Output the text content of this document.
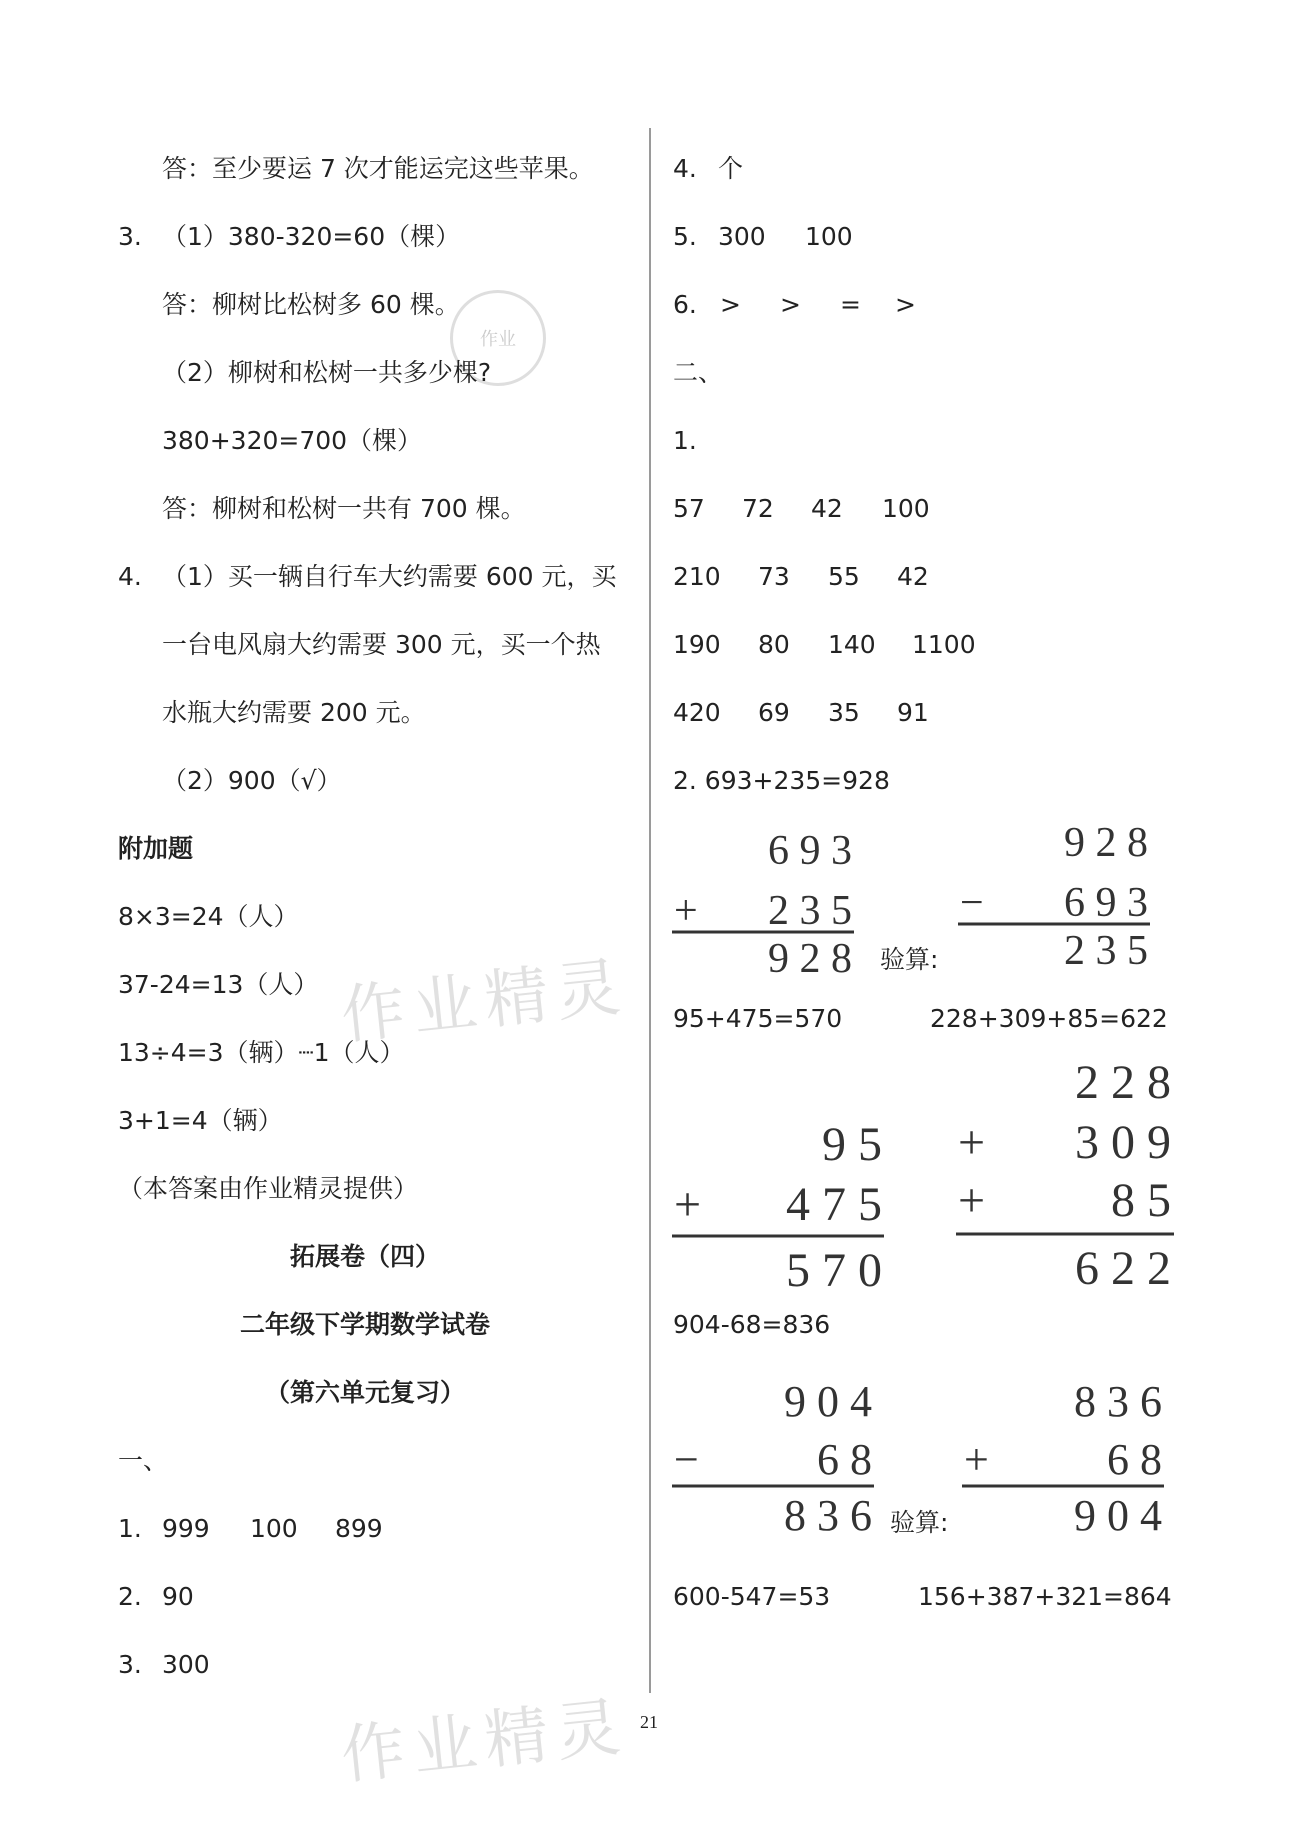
作业精灵
作业精灵
作业
答：至少要运 7 次才能运完这些苹果。
3. （1）380-320=60（棵）
答：柳树比松树多 60 棵。
（2）柳树和松树一共多少棵?
380+320=700（棵）
答：柳树和松树一共有 700 棵。
4. （1）买一辆自行车大约需要 600 元，买
一台电风扇大约需要 300 元，买一个热
水瓶大约需要 200 元。
（2）900（√）
附加题
8×3=24（人）
37-24=13（人）
13÷4=3（辆）┈1（人）
3+1=4（辆）
（本答案由作业精灵提供）
拓展卷（四）
二年级下学期数学试卷
（第六单元复习）
一、
1. 999 100 899
2. 90
3. 300
4. 个
5. 300 100
6. > > = >
二、
1.
57 72 42 100
210 73 55 42
190 80 140 1100
420 69 35 91
2. 693+235=928
6 9 3
+ 2 3 5
9 2 8 验算:
9 2 8
− 6 9 3
2 3 5
95+475=570	228+309+85=622
9 5
+ 4 7 5
5 7 0
2 2 8
+ 3 0 9
+	8 5
6 2 2
904-68=836
9 0 4
−	6 8
8 3 6 验算:
8 3 6
+	6 8
9 0 4
600-547=53	156+387+321=864
21
